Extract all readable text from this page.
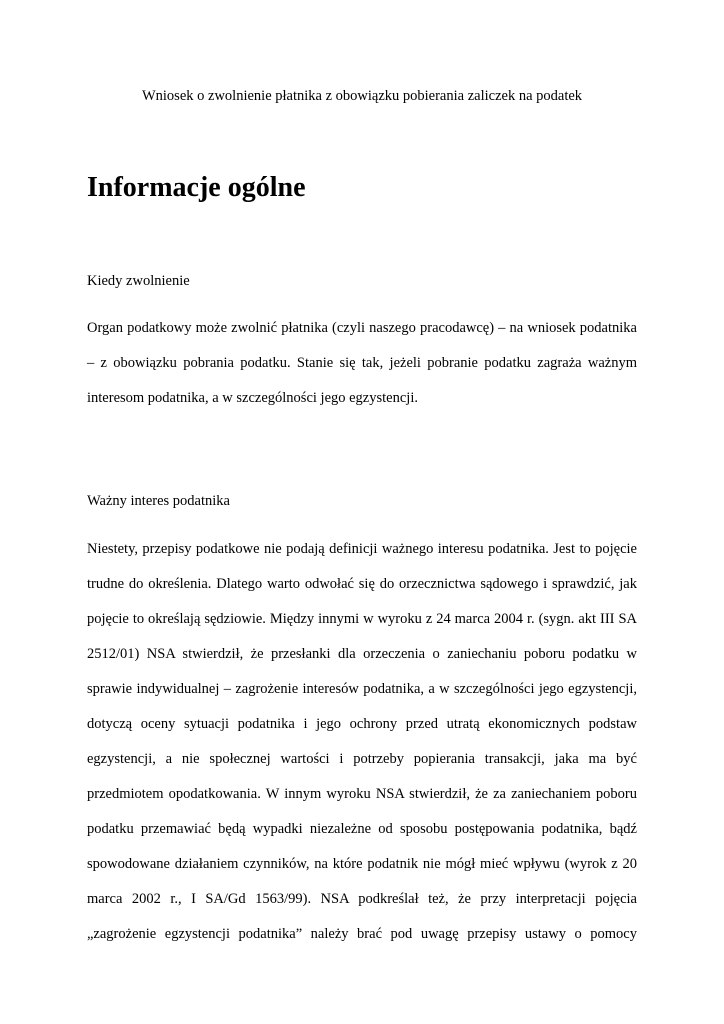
Wniosek o zwolnienie płatnika z obowiązku pobierania zaliczek na podatek
Informacje ogólne
Kiedy zwolnienie

Organ podatkowy może zwolnić płatnika (czyli naszego pracodawcę) – na wniosek podatnika
– z obowiązku pobrania podatku. Stanie się tak, jeżeli pobranie podatku zagraża ważnym
interesom podatnika, a w szczególności jego egzystencji.

Ważny interes podatnika

Niestety, przepisy podatkowe nie podają definicji ważnego interesu podatnika. Jest to pojęcie
trudne do określenia. Dlatego warto odwołać się do orzecznictwa sądowego i sprawdzić, jak
pojęcie to określają sędziowie. Między innymi w wyroku z 24 marca 2004 r. (sygn. akt III SA
2512/01) NSA stwierdził, że przesłanki dla orzeczenia o zaniechaniu poboru podatku w
sprawie indywidualnej – zagrożenie interesów podatnika, a w szczególności jego egzystencji,
dotyczą oceny sytuacji podatnika i jego ochrony przed utratą ekonomicznych podstaw
egzystencji, a nie społecznej wartości i potrzeby popierania transakcji, jaka ma być
przedmiotem opodatkowania. W innym wyroku NSA stwierdził, że za zaniechaniem poboru
podatku przemawiać będą wypadki niezależne od sposobu postępowania podatnika, bądź
spowodowane działaniem czynników, na które podatnik nie mógł mieć wpływu (wyrok z 20
marca 2002 r., I SA/Gd 1563/99). NSA podkreślał też, że przy interpretacji pojęcia
„zagrożenie egzystencji podatnika” należy brać pod uwagę przepisy ustawy o pomocy
